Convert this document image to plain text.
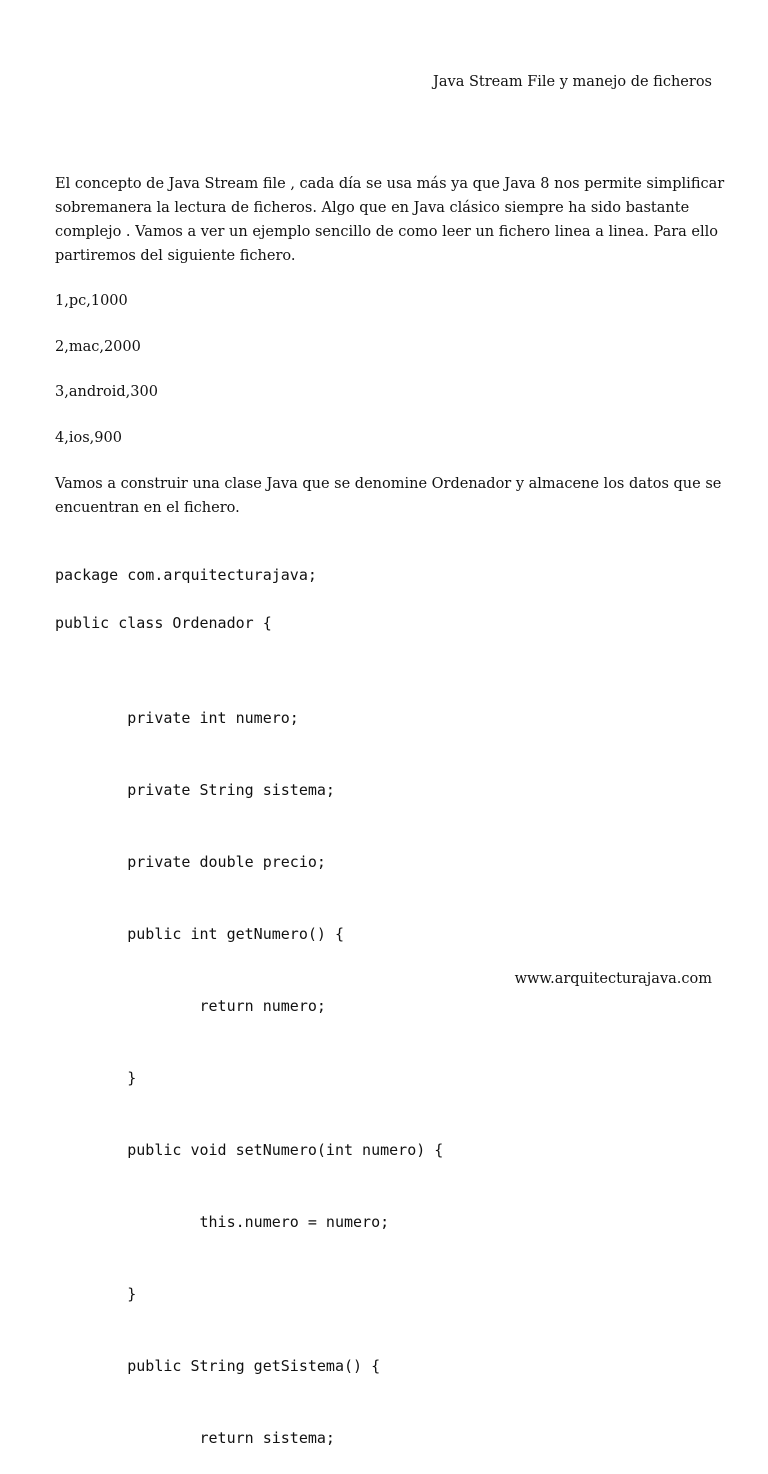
Java Stream File y manejo de ficheros

El concepto de Java Stream file , cada día se usa más ya que Java 8 nos permite simplificar

sobremanera la lectura de ficheros. Algo que en Java clásico siempre ha sido bastante

complejo . Vamos a ver un ejemplo sencillo de como leer un fichero linea a linea. Para ello

partiremos del siguiente fichero.

1,pc,1000
2,mac,2000
3,android,300
4,ios,900

Vamos a construir una clase Java que se denomine Ordenador y almacene los datos que se

encuentran en el fichero.

package com.arquitecturajava;
public class Ordenador {

private int numero;

private String sistema;

private double precio;

public int getNumero() {

return numero;

}

public void setNumero(int numero) {

this.numero = numero;

}

public String getSistema() {

return sistema;

www.arquitecturajava.com
